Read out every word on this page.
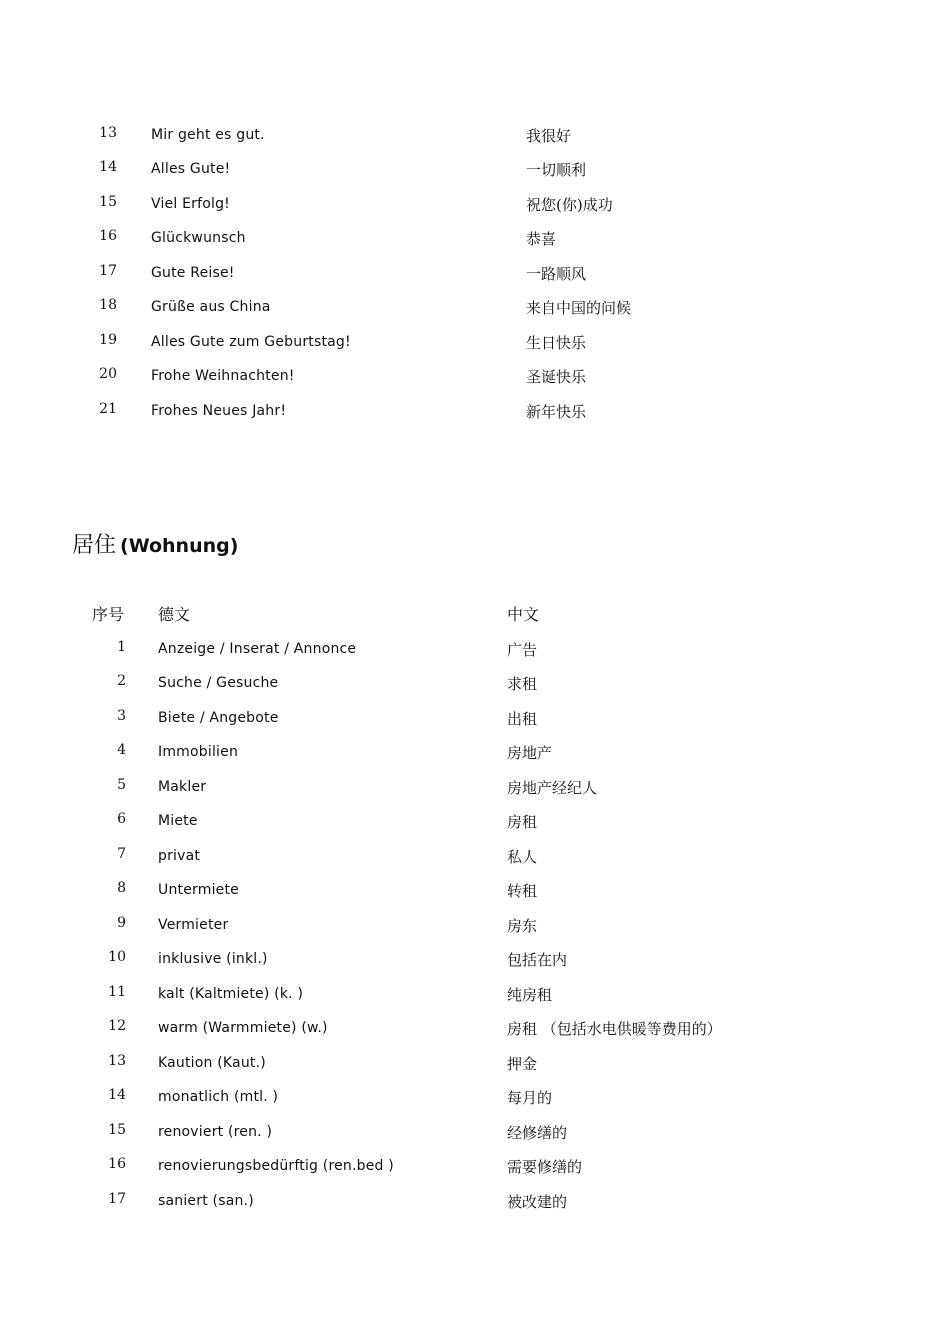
13 Mir geht es gut.	我很好
14 Alles Gute!	一切顺利
15 Viel Erfolg!	祝您(你)成功
16 Glückwunsch	恭喜
17 Gute Reise!	一路顺风
18 Grüße aus China	来自中国的问候
19 Alles Gute zum Geburtstag!	生日快乐
20 Frohe Weihnachten!	圣诞快乐
21 Frohes Neues Jahr!	新年快乐
居住 (Wohnung)
序号 德文	中文
1 Anzeige / Inserat / Annonce	广告
2 Suche / Gesuche	求租
3 Biete / Angebote	出租
4 Immobilien	房地产
5 Makler	房地产经纪人
6 Miete	房租
7 privat	私人
8 Untermiete	转租
9 Vermieter	房东
10 inklusive (inkl.)	包括在内
11 kalt (Kaltmiete) (k. )	纯房租
12 warm (Warmmiete) (w.)	房租 （包括水电供暖等费用的）
13 Kaution (Kaut.)	押金
14 monatlich (mtl. )	每月的
15 renoviert (ren. )	经修缮的
16 renovierungsbedürftig (ren.bed )	需要修缮的
17 saniert (san.)	被改建的
